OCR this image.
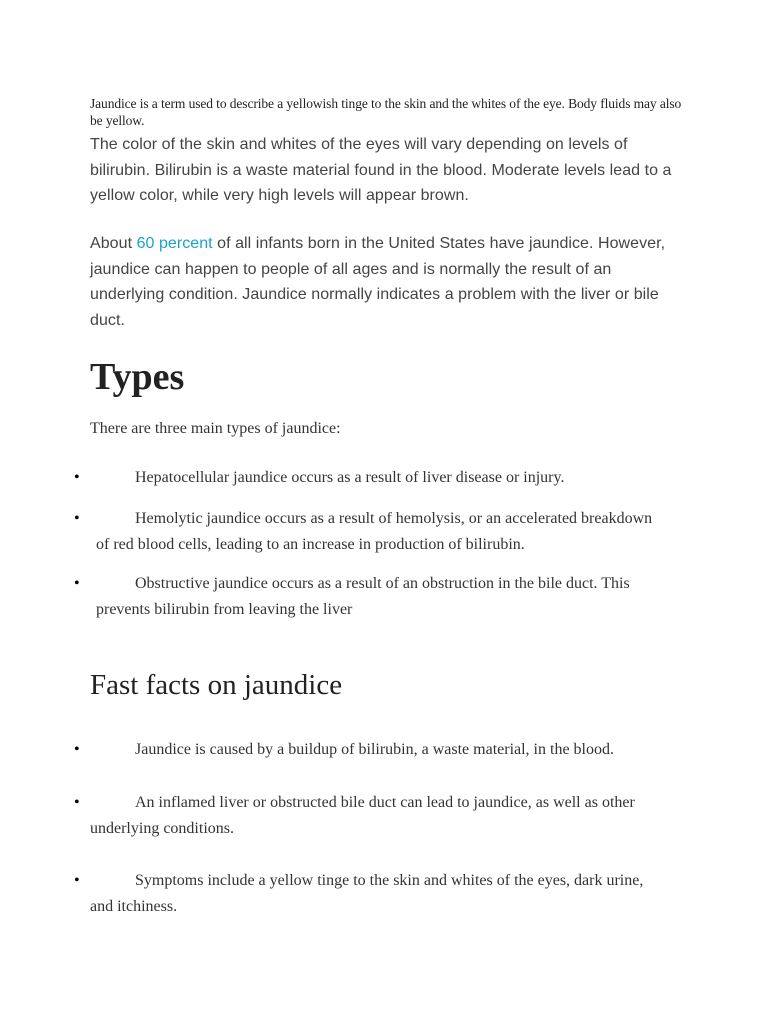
Jaundice is a term used to describe a yellowish tinge to the skin and the whites of the eye. Body fluids may also be yellow.
The color of the skin and whites of the eyes will vary depending on levels of bilirubin. Bilirubin is a waste material found in the blood. Moderate levels lead to a yellow color, while very high levels will appear brown.
About 60 percent of all infants born in the United States have jaundice. However, jaundice can happen to people of all ages and is normally the result of an underlying condition. Jaundice normally indicates a problem with the liver or bile duct.
Types
There are three main types of jaundice:
•	Hepatocellular jaundice occurs as a result of liver disease or injury.
•	Hemolytic jaundice occurs as a result of hemolysis, or an accelerated breakdown of red blood cells, leading to an increase in production of bilirubin.
•	Obstructive jaundice occurs as a result of an obstruction in the bile duct. This prevents bilirubin from leaving the liver
Fast facts on jaundice
•	Jaundice is caused by a buildup of bilirubin, a waste material, in the blood.
•	An inflamed liver or obstructed bile duct can lead to jaundice, as well as other underlying conditions.
•	Symptoms include a yellow tinge to the skin and whites of the eyes, dark urine, and itchiness.
